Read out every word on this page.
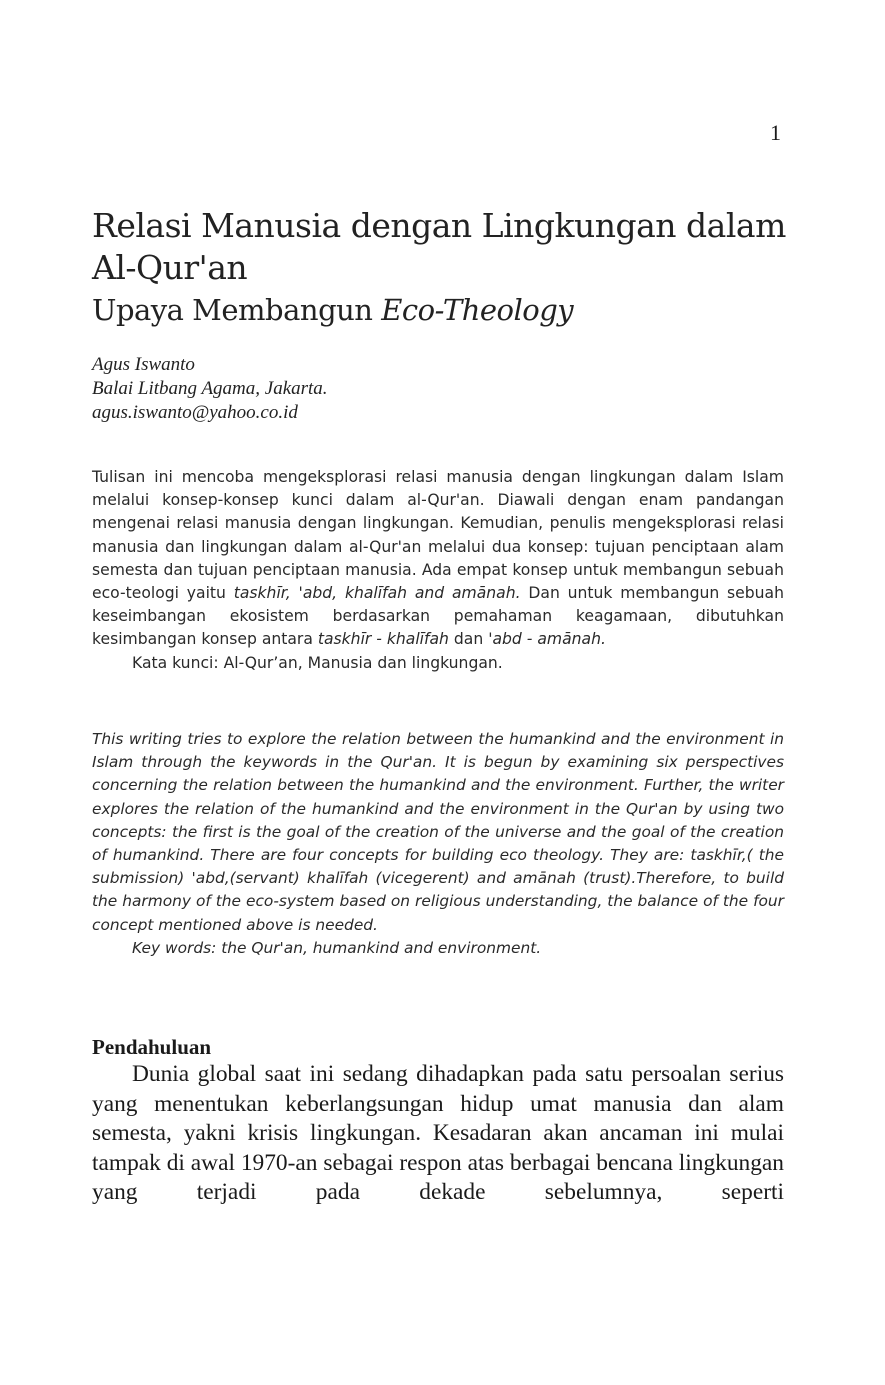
1
Relasi Manusia dengan Lingkungan dalam
Al-Qur'an
Upaya Membangun Eco-Theology
Agus Iswanto
Balai Litbang Agama, Jakarta.
agus.iswanto@yahoo.co.id

Tulisan ini mencoba mengeksplorasi relasi manusia dengan lingkungan dalam Islam melalui konsep-konsep kunci dalam al-Qur'an. Diawali dengan enam pandangan mengenai relasi manusia dengan lingkungan. Kemudian, penulis mengeksplorasi relasi manusia dan lingkungan dalam al-Qur'an melalui dua konsep: tujuan penciptaan alam semesta dan tujuan penciptaan manusia. Ada empat konsep untuk membangun sebuah eco-teologi yaitu taskhīr, 'abd, khalīfah and amānah. Dan untuk membangun sebuah keseimbangan ekosistem berdasarkan pemahaman keagamaan, dibutuhkan kesimbangan konsep antara taskhīr - khalīfah dan 'abd - amānah.

Kata kunci: Al-Qur’an, Manusia dan lingkungan.

This writing tries to explore the relation between the humankind and the environment in Islam through the keywords in the Qur'an. It is begun by examining six perspectives concerning the relation between the humankind and the environment. Further, the writer explores the relation of the humankind and the environment in the Qur'an by using two concepts: the first is the goal of the creation of the universe and the goal of the creation of humankind. There are four concepts for building eco theology. They are: taskhīr,( the submission) 'abd,(servant) khalīfah (vicegerent) and amānah (trust).Therefore, to build the harmony of the eco-system based on religious understanding, the balance of the four concept mentioned above is needed.

Key words: the Qur'an, humankind and environment.

Pendahuluan

Dunia global saat ini sedang dihadapkan pada satu persoalan serius yang menentukan keberlangsungan hidup umat manusia dan alam semesta, yakni krisis lingkungan. Kesadaran akan ancaman ini mulai tampak di awal 1970-an sebagai respon atas berbagai bencana lingkungan yang terjadi pada dekade sebelumnya, seperti
